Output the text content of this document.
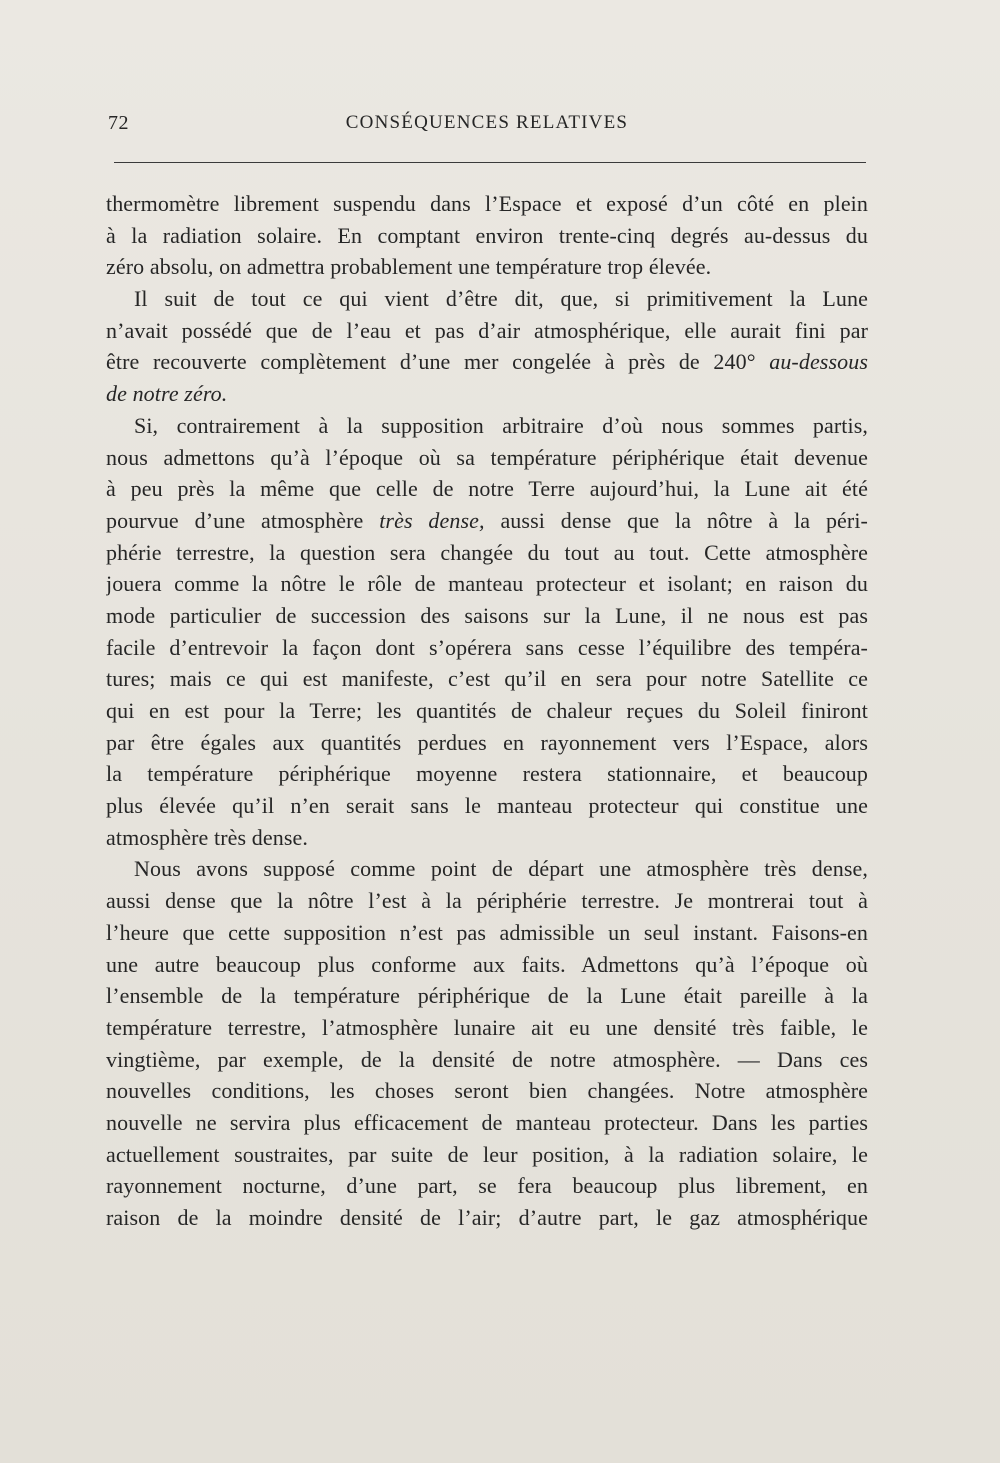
72	CONSÉQUENCES RELATIVES
thermomètre librement suspendu dans l’Espace et exposé d’un côté en plein
à la radiation solaire. En comptant environ trente-cinq degrés au-dessus du
zéro absolu, on admettra probablement une température trop élevée.
Il suit de tout ce qui vient d’être dit, que, si primitivement la Lune
n’avait possédé que de l’eau et pas d’air atmosphérique, elle aurait fini par
être recouverte complètement d’une mer congelée à près de 240° au-dessous
de notre zéro.
Si, contrairement à la supposition arbitraire d’où nous sommes partis,
nous admettons qu’à l’époque où sa température périphérique était devenue
à peu près la même que celle de notre Terre aujourd’hui, la Lune ait été
pourvue d’une atmosphère très dense, aussi dense que la nôtre à la péri-
phérie terrestre, la question sera changée du tout au tout. Cette atmosphère
jouera comme la nôtre le rôle de manteau protecteur et isolant; en raison du
mode particulier de succession des saisons sur la Lune, il ne nous est pas
facile d’entrevoir la façon dont s’opérera sans cesse l’équilibre des tempéra-
tures; mais ce qui est manifeste, c’est qu’il en sera pour notre Satellite ce
qui en est pour la Terre; les quantités de chaleur reçues du Soleil finiront
par être égales aux quantités perdues en rayonnement vers l’Espace, alors
la température périphérique moyenne restera stationnaire, et beaucoup
plus élevée qu’il n’en serait sans le manteau protecteur qui constitue une
atmosphère très dense.
Nous avons supposé comme point de départ une atmosphère très dense,
aussi dense que la nôtre l’est à la périphérie terrestre. Je montrerai tout à
l’heure que cette supposition n’est pas admissible un seul instant. Faisons-en
une autre beaucoup plus conforme aux faits. Admettons qu’à l’époque où
l’ensemble de la température périphérique de la Lune était pareille à la
température terrestre, l’atmosphère lunaire ait eu une densité très faible, le
vingtième, par exemple, de la densité de notre atmosphère. — Dans ces
nouvelles conditions, les choses seront bien changées. Notre atmosphère
nouvelle ne servira plus efficacement de manteau protecteur. Dans les parties
actuellement soustraites, par suite de leur position, à la radiation solaire, le
rayonnement nocturne, d’une part, se fera beaucoup plus librement, en
raison de la moindre densité de l’air; d’autre part, le gaz atmosphérique
